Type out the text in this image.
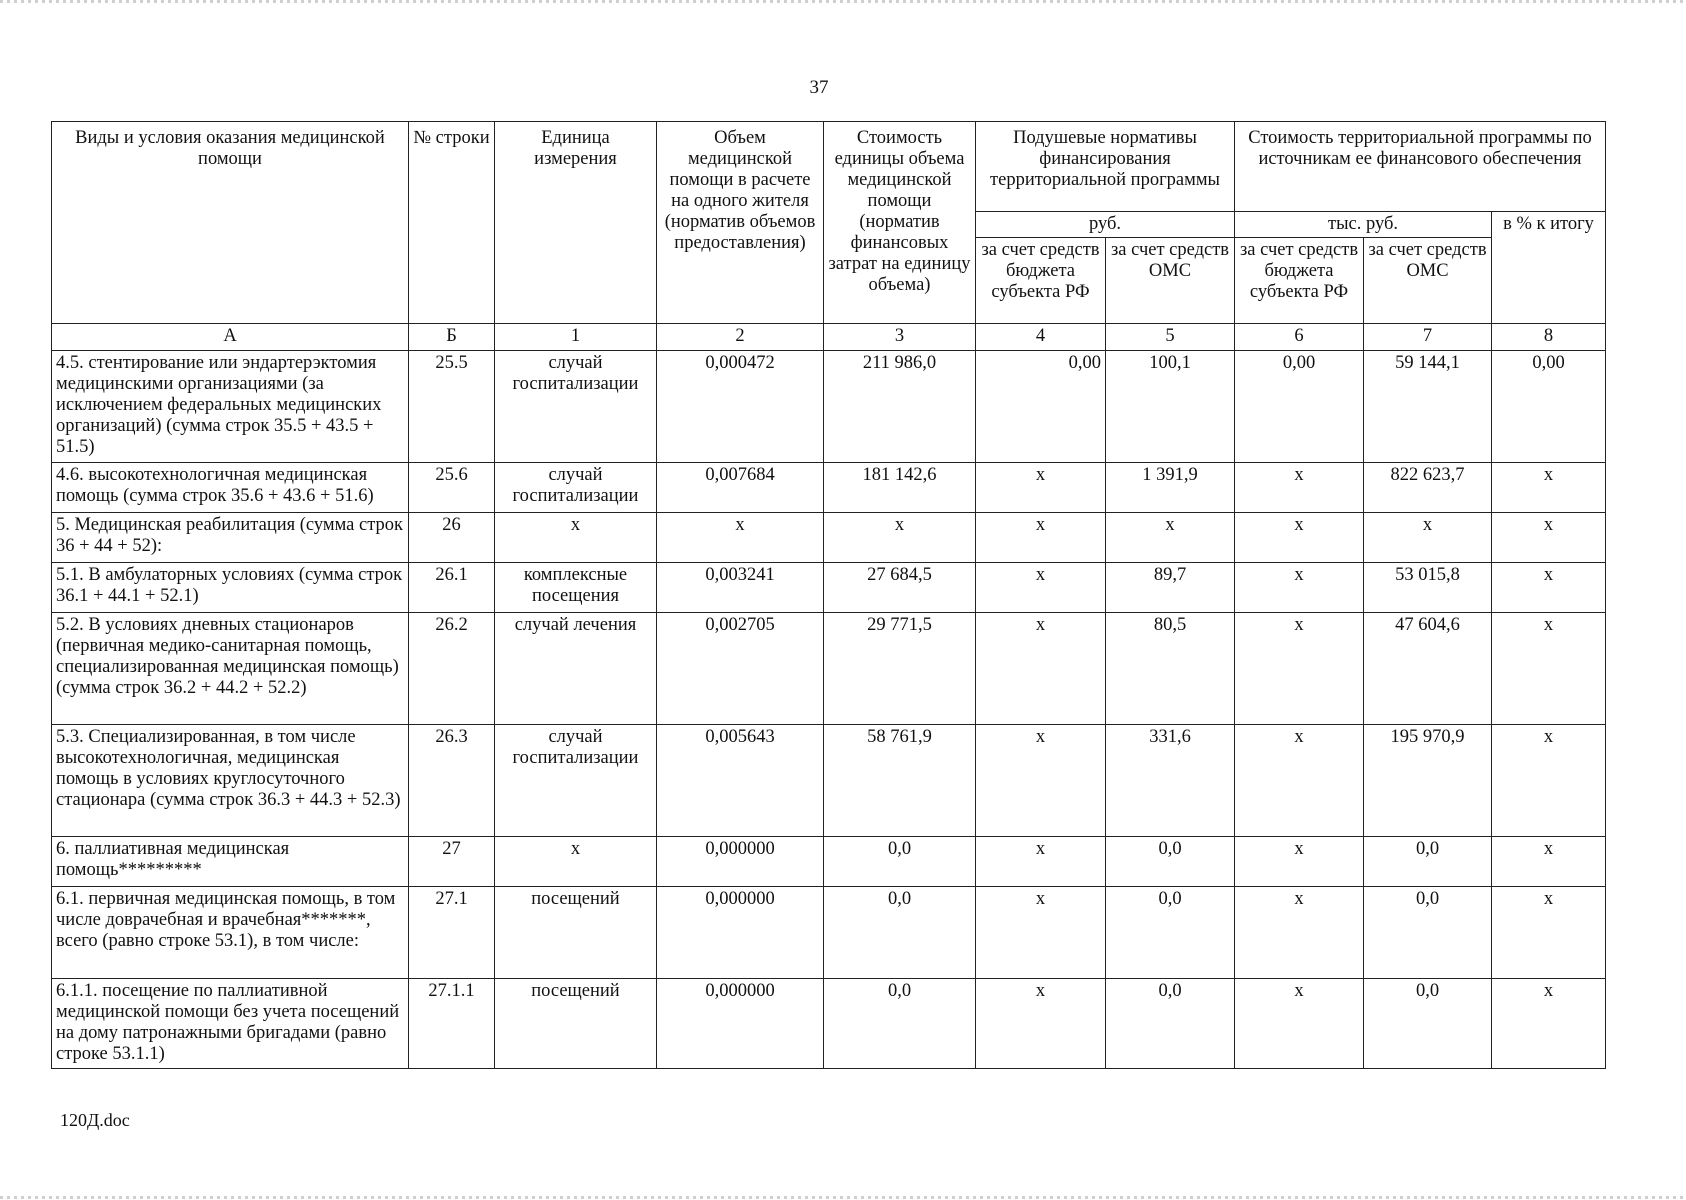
37
Виды и условия оказания медицинской помощи	№ строки	Единица измерения	Объем медицинской помощи в расчете на одного жителя (норматив объемов предоставления)	Стоимость единицы объема медицинской помощи (норматив финансовых затрат на единицу объема)	Подушевые нормативы финансирования территориальной программы		Стоимость территориальной программы по источникам ее финансового обеспечения		
					руб.		тыс. руб.		в % к итогу
					за счет средств бюджета субъекта РФ	за счет средств ОМС	за счет средств бюджета субъекта РФ	за счет средств ОМС	
А	Б	1	2	3	4	5	6	7	8
4.5. стентирование или эндартерэктомия медицинскими организациями (за исключением федеральных медицинских организаций) (сумма строк 35.5 + 43.5 + 51.5)	25.5	случай госпитализации	0,000472	211 986,0	0,00	100,1	0,00	59 144,1	0,00
4.6. высокотехнологичная медицинская помощь (сумма строк 35.6 + 43.6 + 51.6)	25.6	случай госпитализации	0,007684	181 142,6	х	1 391,9	х	822 623,7	х
5. Медицинская реабилитация (сумма строк 36 + 44 + 52):	26	х	х	х	х	х	х	х	х
5.1. В амбулаторных условиях (сумма строк 36.1 + 44.1 + 52.1)	26.1	комплексные посещения	0,003241	27 684,5	х	89,7	х	53 015,8	х
5.2. В условиях дневных стационаров (первичная медико-санитарная помощь, специализированная медицинская помощь) (сумма строк 36.2 + 44.2 + 52.2)	26.2	случай лечения	0,002705	29 771,5	х	80,5	х	47 604,6	х
5.3. Специализированная, в том числе высокотехнологичная, медицинская помощь в условиях круглосуточного стационара (сумма строк 36.3 + 44.3 + 52.3)	26.3	случай госпитализации	0,005643	58 761,9	х	331,6	х	195 970,9	х
6. паллиативная медицинская помощь*********	27	х	0,000000	0,0	х	0,0	х	0,0	х
6.1. первичная медицинская помощь, в том числе доврачебная и врачебная*******, всего (равно строке 53.1), в том числе:	27.1	посещений	0,000000	0,0	х	0,0	х	0,0	х
6.1.1. посещение по паллиативной медицинской помощи без учета посещений на дому патронажными бригадами (равно строке 53.1.1)	27.1.1	посещений	0,000000	0,0	х	0,0	х	0,0	х
120Д.doc
